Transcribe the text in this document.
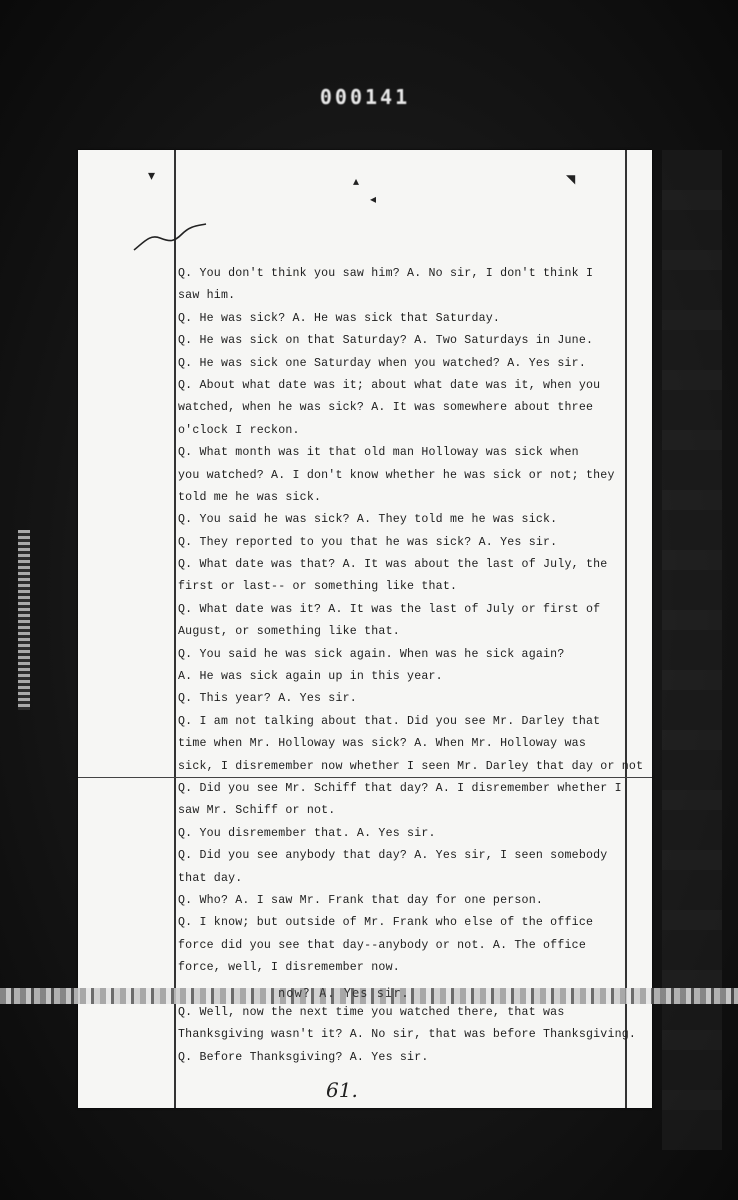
000141
▾	▴
◂
◥
Q. You don't think you saw him? A. No sir, I don't think I
saw him.
Q. He was sick? A. He was sick that Saturday.
Q. He was sick on that Saturday? A. Two Saturdays in June.
Q. He was sick one Saturday when you watched? A. Yes sir.
Q. About what date was it; about what date was it, when you
watched, when he was sick? A. It was somewhere about three
o'clock I reckon.
Q. What month was it that old man Holloway was sick when
you watched? A. I don't know whether he was sick or not; they
told me he was sick.
Q. You said he was sick? A. They told me he was sick.
Q. They reported to you that he was sick? A. Yes sir.
Q. What date was that? A. It was about the last of July, the
first or last-- or something like that.
Q. What date was it? A. It was the last of July or first of
August, or something like that.
Q. You said he was sick again. When was he sick again?
A. He was sick again up in this year.
Q. This year? A. Yes sir.
Q. I am not talking about that. Did you see Mr. Darley that
time when Mr. Holloway was sick? A. When Mr. Holloway was
sick, I disremember now whether I seen Mr. Darley that day or not
Q. Did you see Mr. Schiff that day? A. I disremember whether I
saw Mr. Schiff or not.
Q. You disremember that. A. Yes sir.
Q. Did you see anybody that day? A. Yes sir, I seen somebody
that day.
Q. Who? A. I saw Mr. Frank that day for one person.
Q. I know; but outside of Mr. Frank who else of the office
force did you see that day--anybody or not. A. The office
force, well, I disremember now.
Q. Well, now the next time you watched there, that was
Thanksgiving wasn't it? A. No sir, that was before Thanksgiving.
Q. Before Thanksgiving? A. Yes sir.
now? A. Yes sir.
61.
